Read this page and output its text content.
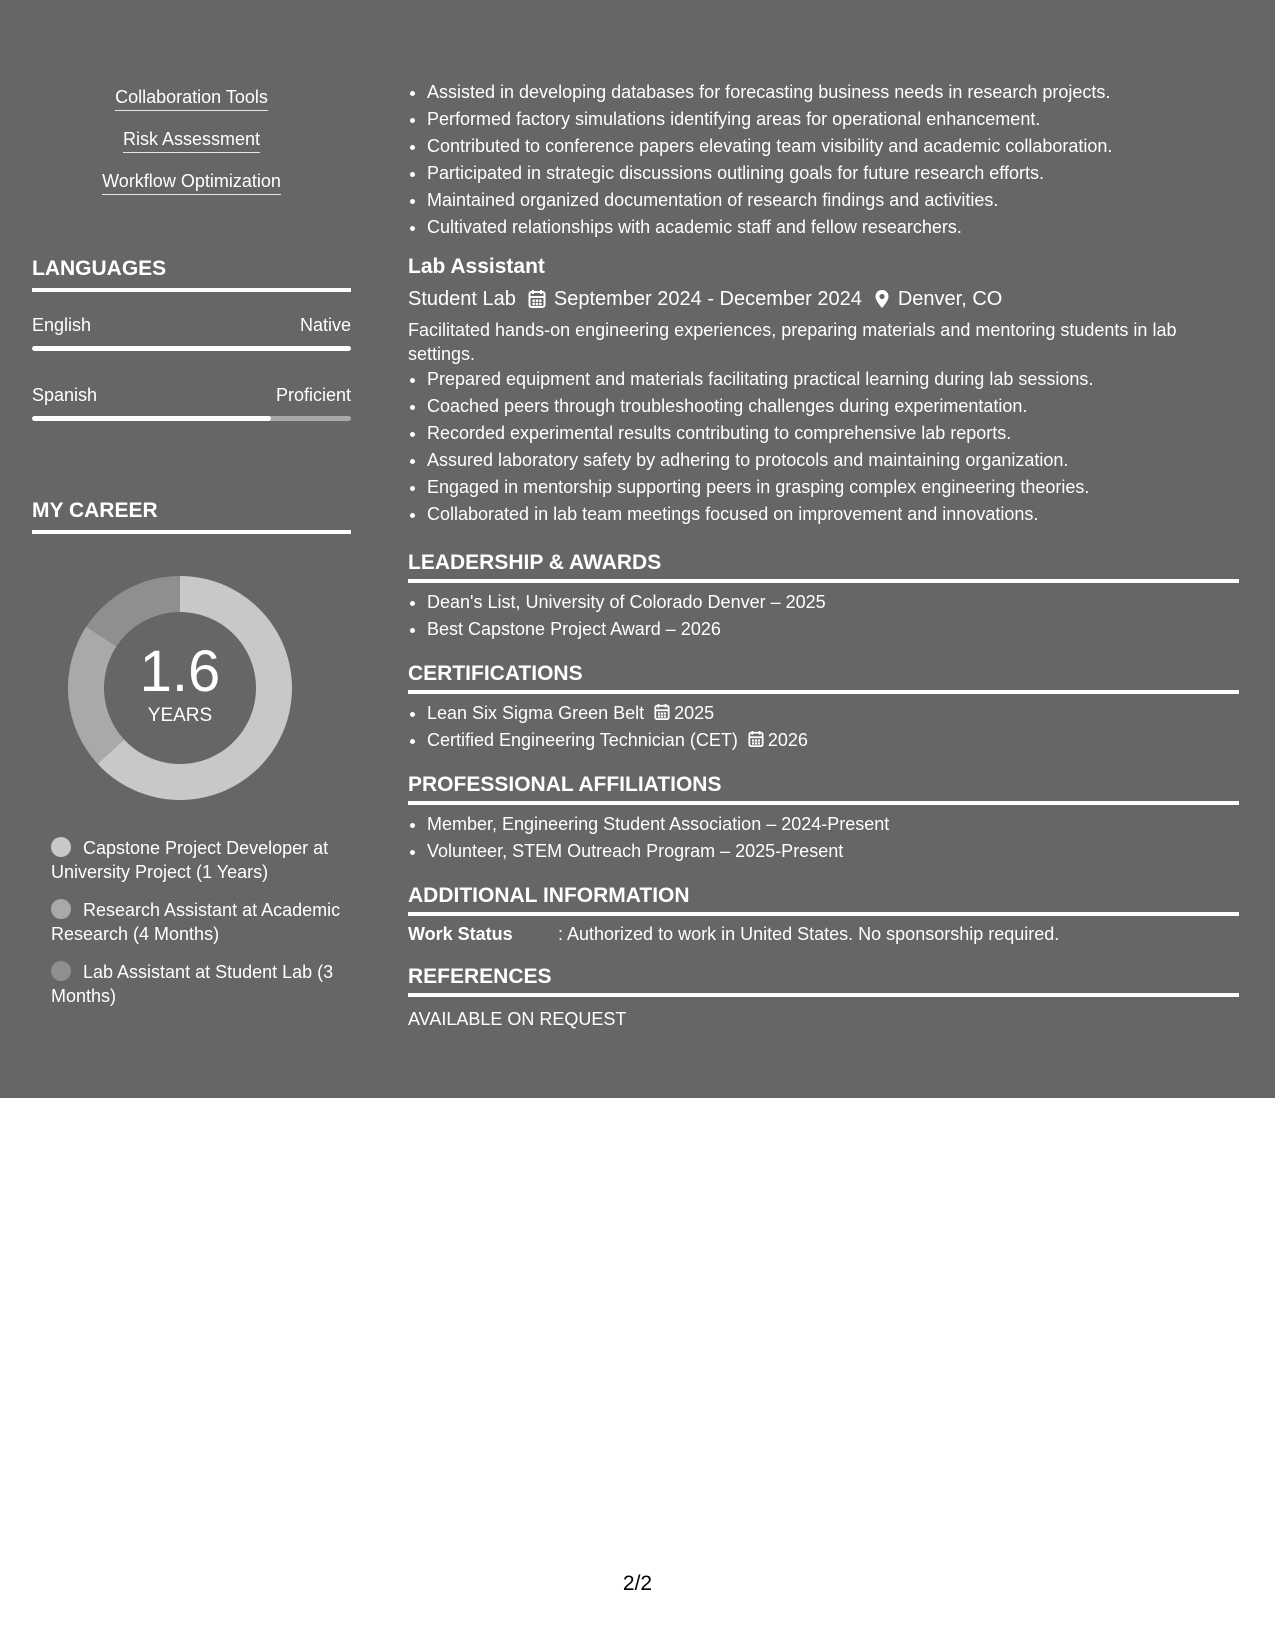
Collaboration Tools
Risk Assessment
Workflow Optimization
LANGUAGES
English	Native
Spanish	Proficient
MY CAREER
1.6
YEARS
Capstone Project Developer at University Project (1 Years)
Research Assistant at Academic Research (4 Months)
Lab Assistant at Student Lab (3 Months)
• Assisted in developing databases for forecasting business needs in research projects.
• Performed factory simulations identifying areas for operational enhancement.
• Contributed to conference papers elevating team visibility and academic collaboration.
• Participated in strategic discussions outlining goals for future research efforts.
• Maintained organized documentation of research findings and activities.
• Cultivated relationships with academic staff and fellow researchers.
Lab Assistant
Student Lab September 2024 - December 2024 Denver, CO
Facilitated hands-on engineering experiences, preparing materials and mentoring students in lab settings.
• Prepared equipment and materials facilitating practical learning during lab sessions.
• Coached peers through troubleshooting challenges during experimentation.
• Recorded experimental results contributing to comprehensive lab reports.
• Assured laboratory safety by adhering to protocols and maintaining organization.
• Engaged in mentorship supporting peers in grasping complex engineering theories.
• Collaborated in lab team meetings focused on improvement and innovations.
LEADERSHIP & AWARDS
• Dean's List, University of Colorado Denver – 2025
• Best Capstone Project Award – 2026
CERTIFICATIONS
• Lean Six Sigma Green Belt 2025
• Certified Engineering Technician (CET) 2026
PROFESSIONAL AFFILIATIONS
• Member, Engineering Student Association – 2024-Present
• Volunteer, STEM Outreach Program – 2025-Present
ADDITIONAL INFORMATION
Work Status	: Authorized to work in United States. No sponsorship required.
REFERENCES
AVAILABLE ON REQUEST
2/2
